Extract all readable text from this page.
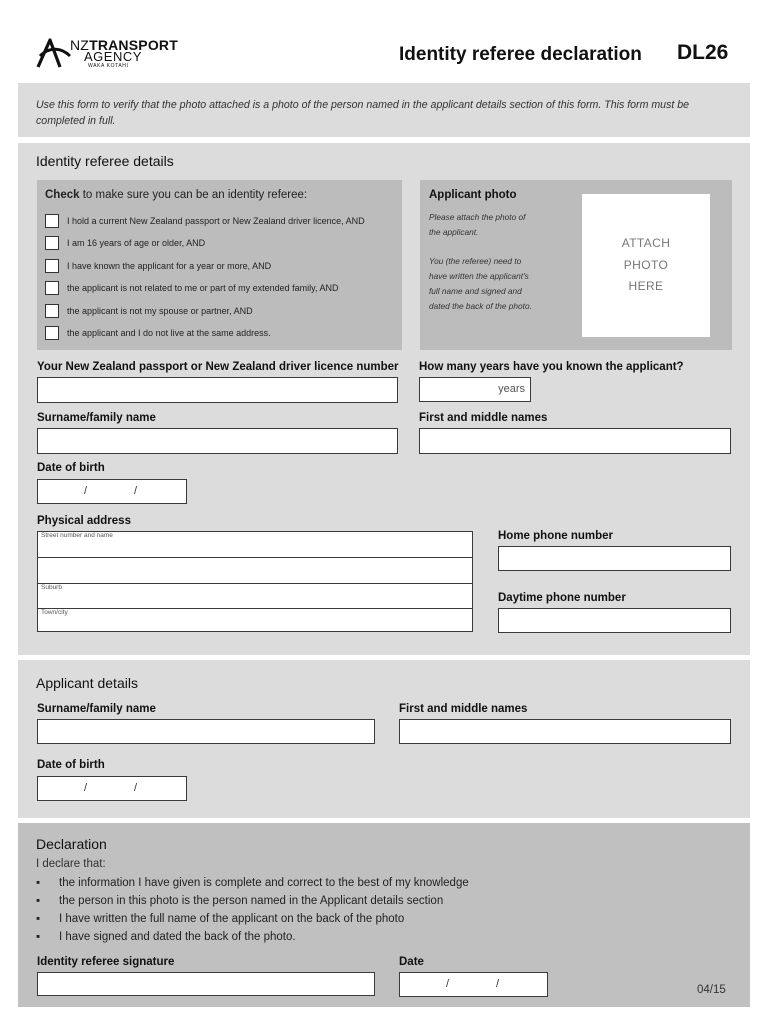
NZTRANSPORT
AGENCY
WAKA KOTAHI
Identity referee declaration DL26
Use this form to verify that the photo attached is a photo of the person named in the applicant details section of this form. This form must be completed in full.
Identity referee details
Check to make sure you can be an identity referee:
I hold a current New Zealand passport or New Zealand driver licence, AND
I am 16 years of age or older, AND
I have known the applicant for a year or more, AND
the applicant is not related to me or part of my extended family, AND
the applicant is not my spouse or partner, AND
the applicant and I do not live at the same address.
Applicant photo
Please attach the photo of
the applicant.
You (the referee) need to
have written the applicant's
full name and signed and
dated the back of the photo.
ATTACH
PHOTO
HERE
Your New Zealand passport or New Zealand driver licence number How many years have you known the applicant?
years
Surname/family name	First and middle names
Date of birth
/	/
Physical address
Street number and name
Suburb
Town/city
Home phone number
Daytime phone number
Applicant details
Surname/family name	First and middle names
Date of birth
/	/
Declaration
I declare that:
▪ the information I have given is complete and correct to the best of my knowledge
▪ the person in this photo is the person named in the Applicant details section
▪ I have written the full name of the applicant on the back of the photo
▪ I have signed and dated the back of the photo.
Identity referee signature	Date
/	/	04/15
